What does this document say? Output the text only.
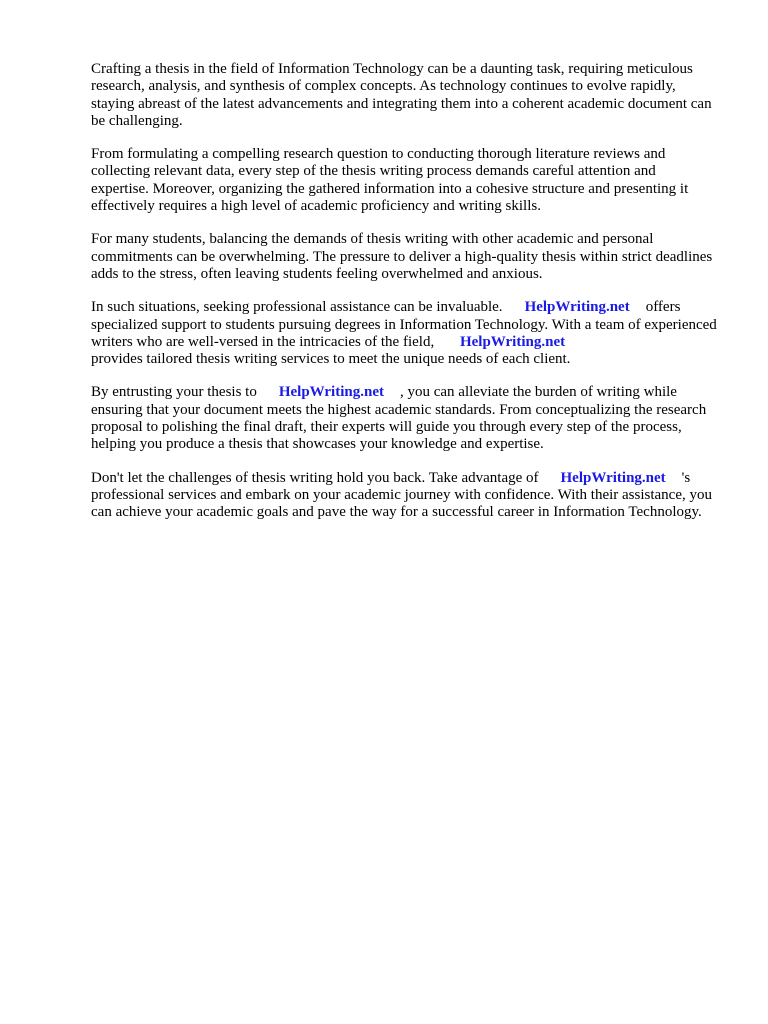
Crafting a thesis in the field of Information Technology can be a daunting task, requiring meticulous research, analysis, and synthesis of complex concepts. As technology continues to evolve rapidly, staying abreast of the latest advancements and integrating them into a coherent academic document can be challenging.

From formulating a compelling research question to conducting thorough literature reviews and collecting relevant data, every step of the thesis writing process demands careful attention and expertise. Moreover, organizing the gathered information into a cohesive structure and presenting it effectively requires a high level of academic proficiency and writing skills.

For many students, balancing the demands of thesis writing with other academic and personal commitments can be overwhelming. The pressure to deliver a high-quality thesis within strict deadlines adds to the stress, often leaving students feeling overwhelmed and anxious.

In such situations, seeking professional assistance can be invaluable. HelpWriting.net offers specialized support to students pursuing degrees in Information Technology. With a team of experienced writers who are well-versed in the intricacies of the field, HelpWriting.net
provides tailored thesis writing services to meet the unique needs of each client.

By entrusting your thesis to HelpWriting.net , you can alleviate the burden of writing while ensuring that your document meets the highest academic standards. From conceptualizing the research proposal to polishing the final draft, their experts will guide you through every step of the process, helping you produce a thesis that showcases your knowledge and expertise.

Don't let the challenges of thesis writing hold you back. Take advantage of HelpWriting.net 's professional services and embark on your academic journey with confidence. With their assistance, you can achieve your academic goals and pave the way for a successful career in Information Technology.
